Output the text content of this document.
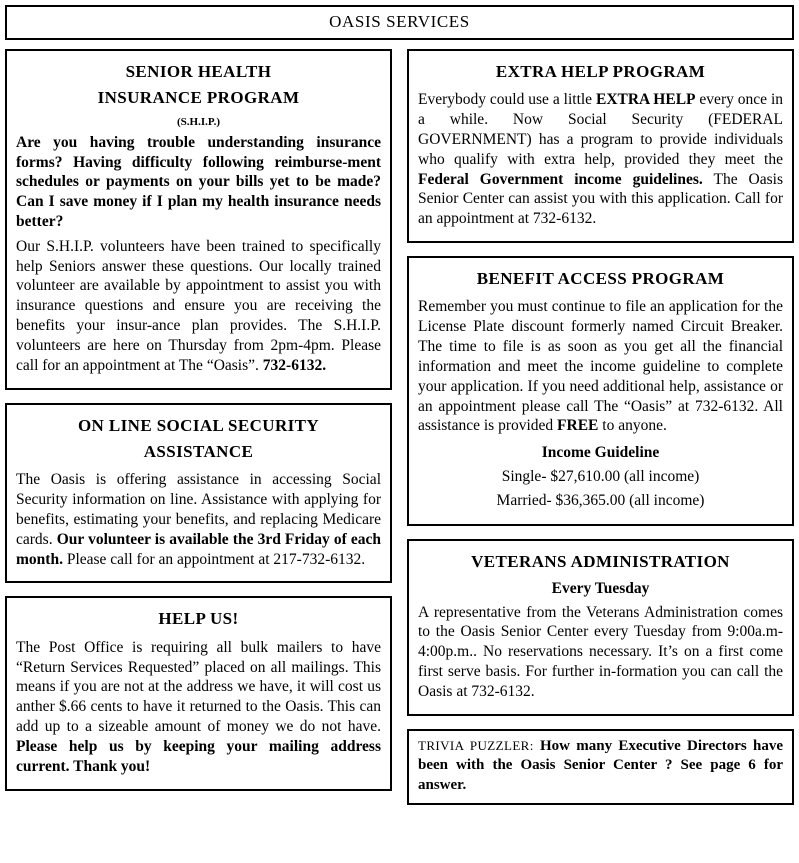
OASIS SERVICES
SENIOR HEALTH
INSURANCE PROGRAM
(S.H.I.P.)

Are you having trouble understanding insurance forms? Having difficulty following reimburse-ment schedules or payments on your bills yet to be made? Can I save money if I plan my health insurance needs better?

Our S.H.I.P. volunteers have been trained to specifically help Seniors answer these questions. Our locally trained volunteer are available by appointment to assist you with insurance questions and ensure you are receiving the benefits your insur-ance plan provides. The S.H.I.P. volunteers are here on Thursday from 2pm-4pm. Please call for an appointment at The “Oasis”. 732-6132.

ON LINE SOCIAL SECURITY
ASSISTANCE

The Oasis is offering assistance in accessing Social Security information on line. Assistance with applying for benefits, estimating your benefits, and replacing Medicare cards. Our volunteer is available the 3rd Friday of each month. Please call for an appointment at 217-732-6132.

HELP US!

The Post Office is requiring all bulk mailers to have “Return Services Requested” placed on all mailings. This means if you are not at the address we have, it will cost us anther $.66 cents to have it returned to the Oasis. This can add up to a sizeable amount of money we do not have. Please help us by keeping your mailing address current. Thank you!

EXTRA HELP PROGRAM

Everybody could use a little EXTRA HELP every once in a while. Now Social Security (FEDERAL GOVERNMENT) has a program to provide individuals who qualify with extra help, provided they meet the Federal Government income guidelines. The Oasis Senior Center can assist you with this application. Call for an appointment at 732-6132.

BENEFIT ACCESS PROGRAM

Remember you must continue to file an application for the License Plate discount formerly named Circuit Breaker. The time to file is as soon as you get all the financial information and meet the income guideline to complete your application. If you need additional help, assistance or an appointment please call The “Oasis” at 732-6132. All assistance is provided FREE to anyone.

Income Guideline
Single- $27,610.00 (all income)
Married- $36,365.00 (all income)
VETERANS ADMINISTRATION
Every Tuesday

A representative from the Veterans Administration comes to the Oasis Senior Center every Tuesday from 9:00a.m-4:00p.m.. No reservations necessary. It’s on a first come first serve basis. For further in-formation you can call the Oasis at 732-6132.

TRIVIA PUZZLER: How many Executive Directors have been with the Oasis Senior Center ? See page 6 for answer.
